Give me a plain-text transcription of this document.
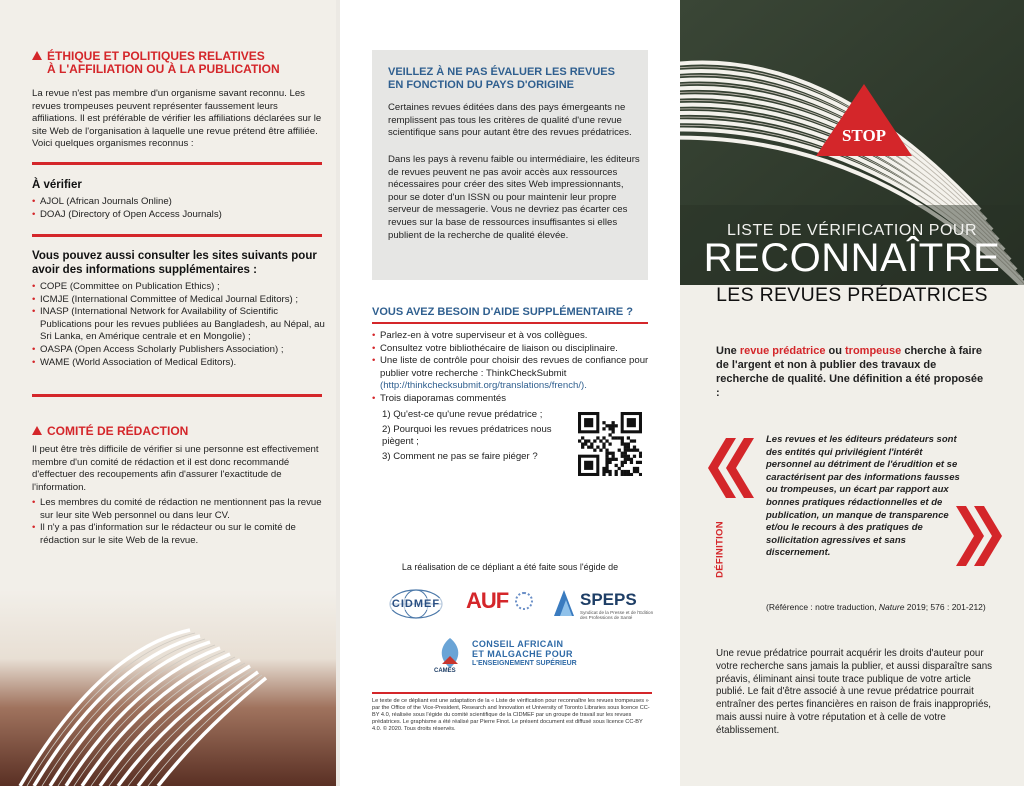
ÉTHIQUE ET POLITIQUES RELATIVES
À L'AFFILIATION OU À LA PUBLICATION
La revue n'est pas membre d'un organisme savant reconnu. Les revues trompeuses peuvent représenter faussement leurs affiliations. Il est préférable de vérifier les affiliations déclarées sur le site Web de l'organisation à laquelle une revue prétend être affiliée. Voici quelques organismes reconnus :
À vérifier
• AJOL (African Journals Online)
• DOAJ (Directory of Open Access Journals)
Vous pouvez aussi consulter les sites suivants pour avoir des informations supplémentaires :
• COPE (Committee on Publication Ethics) ;
• ICMJE (International Committee of Medical Journal Editors) ;
• INASP (International Network for Availability of Scientific Publications pour les revues publiées au Bangladesh, au Népal, au Sri Lanka, en Amérique centrale et en Mongolie) ;
• OASPA (Open Access Scholarly Publishers Association) ;
• WAME (World Association of Medical Editors).
COMITÉ DE RÉDACTION
Il peut être très difficile de vérifier si une personne est effectivement membre d'un comité de rédaction et il est donc recommandé d'effectuer des recoupements afin d'assurer l'exactitude de l'information.
• Les membres du comité de rédaction ne mentionnent pas la revue sur leur site Web personnel ou dans leur CV.
• Il n'y a pas d'information sur le rédacteur ou sur le comité de rédaction sur le site Web de la revue.
VEILLEZ À NE PAS ÉVALUER LES REVUES
EN FONCTION DU PAYS D'ORIGINE
Certaines revues éditées dans des pays émergeants ne remplissent pas tous les critères de qualité d'une revue scientifique sans pour autant être des revues prédatrices.
Dans les pays à revenu faible ou intermédiaire, les éditeurs de revues peuvent ne pas avoir accès aux ressources nécessaires pour créer des sites Web impressionnants, pour se doter d'un ISSN ou pour maintenir leur propre serveur de messagerie. Vous ne devriez pas écarter ces revues sur la base de ressources insuffisantes si elles publient de la recherche de qualité élevée.
VOUS AVEZ BESOIN D'AIDE SUPPLÉMENTAIRE ?
• Parlez-en à votre superviseur et à vos collègues.
• Consultez votre bibliothécaire de liaison ou disciplinaire.
• Une liste de contrôle pour choisir des revues de confiance pour publier votre recherche : ThinkCheckSubmit
(http://thinkchecksubmit.org/translations/french/).
• Trois diaporamas commentés
1) Qu'est-ce qu'une revue prédatrice ;
2) Pourquoi les revues prédatrices nous piègent ;
3) Comment ne pas se faire piéger ?
La réalisation de ce dépliant a été faite sous l'égide de
CIDMEF	AUF	SPEPS
Syndicat de la Presse et de l'Edition des Professions de Santé
CAMES
CONSEIL AFRICAIN
ET MALGACHE POUR
L'ENSEIGNEMENT SUPÉRIEUR
Le texte de ce dépliant est une adaptation de la « Liste de vérification pour reconnaître les revues trompeuses » par the Office of the Vice-President, Research and Innovation et University of Toronto Libraries sous licence CC-BY 4.0, réalisée sous l'égide du comité scientifique de la CIDMEF par un groupe de travail sur les revues prédatrices. Le graphisme a été réalisé par Pierre Finot. Le présent document est diffusé sous licence CC-BY 4.0. © 2020. Tous droits réservés.
STOP
LISTE DE VÉRIFICATION POUR
RECONNAÎTRE
LES REVUES PRÉDATRICES
Une revue prédatrice ou trompeuse cherche à faire de l'argent et non à publier des travaux de recherche de qualité. Une définition a été proposée :
DÉFINITION
Les revues et les éditeurs prédateurs sont des entités qui privilégient l'intérêt personnel au détriment de l'érudition et se caractérisent par des informations fausses ou trompeuses, un écart par rapport aux bonnes pratiques rédactionnelles et de publication, un manque de transparence et/ou le recours à des pratiques de sollicitation agressives et sans discernement.
(Référence : notre traduction, Nature 2019; 576 : 201-212)
Une revue prédatrice pourrait acquérir les droits d'auteur pour votre recherche sans jamais la publier, et aussi disparaître sans préavis, éliminant ainsi toute trace publique de votre article publié. Le fait d'être associé à une revue prédatrice pourrait entraîner des pertes financières en raison de frais inappropriés, mais aussi nuire à votre réputation et à celle de votre établissement.
